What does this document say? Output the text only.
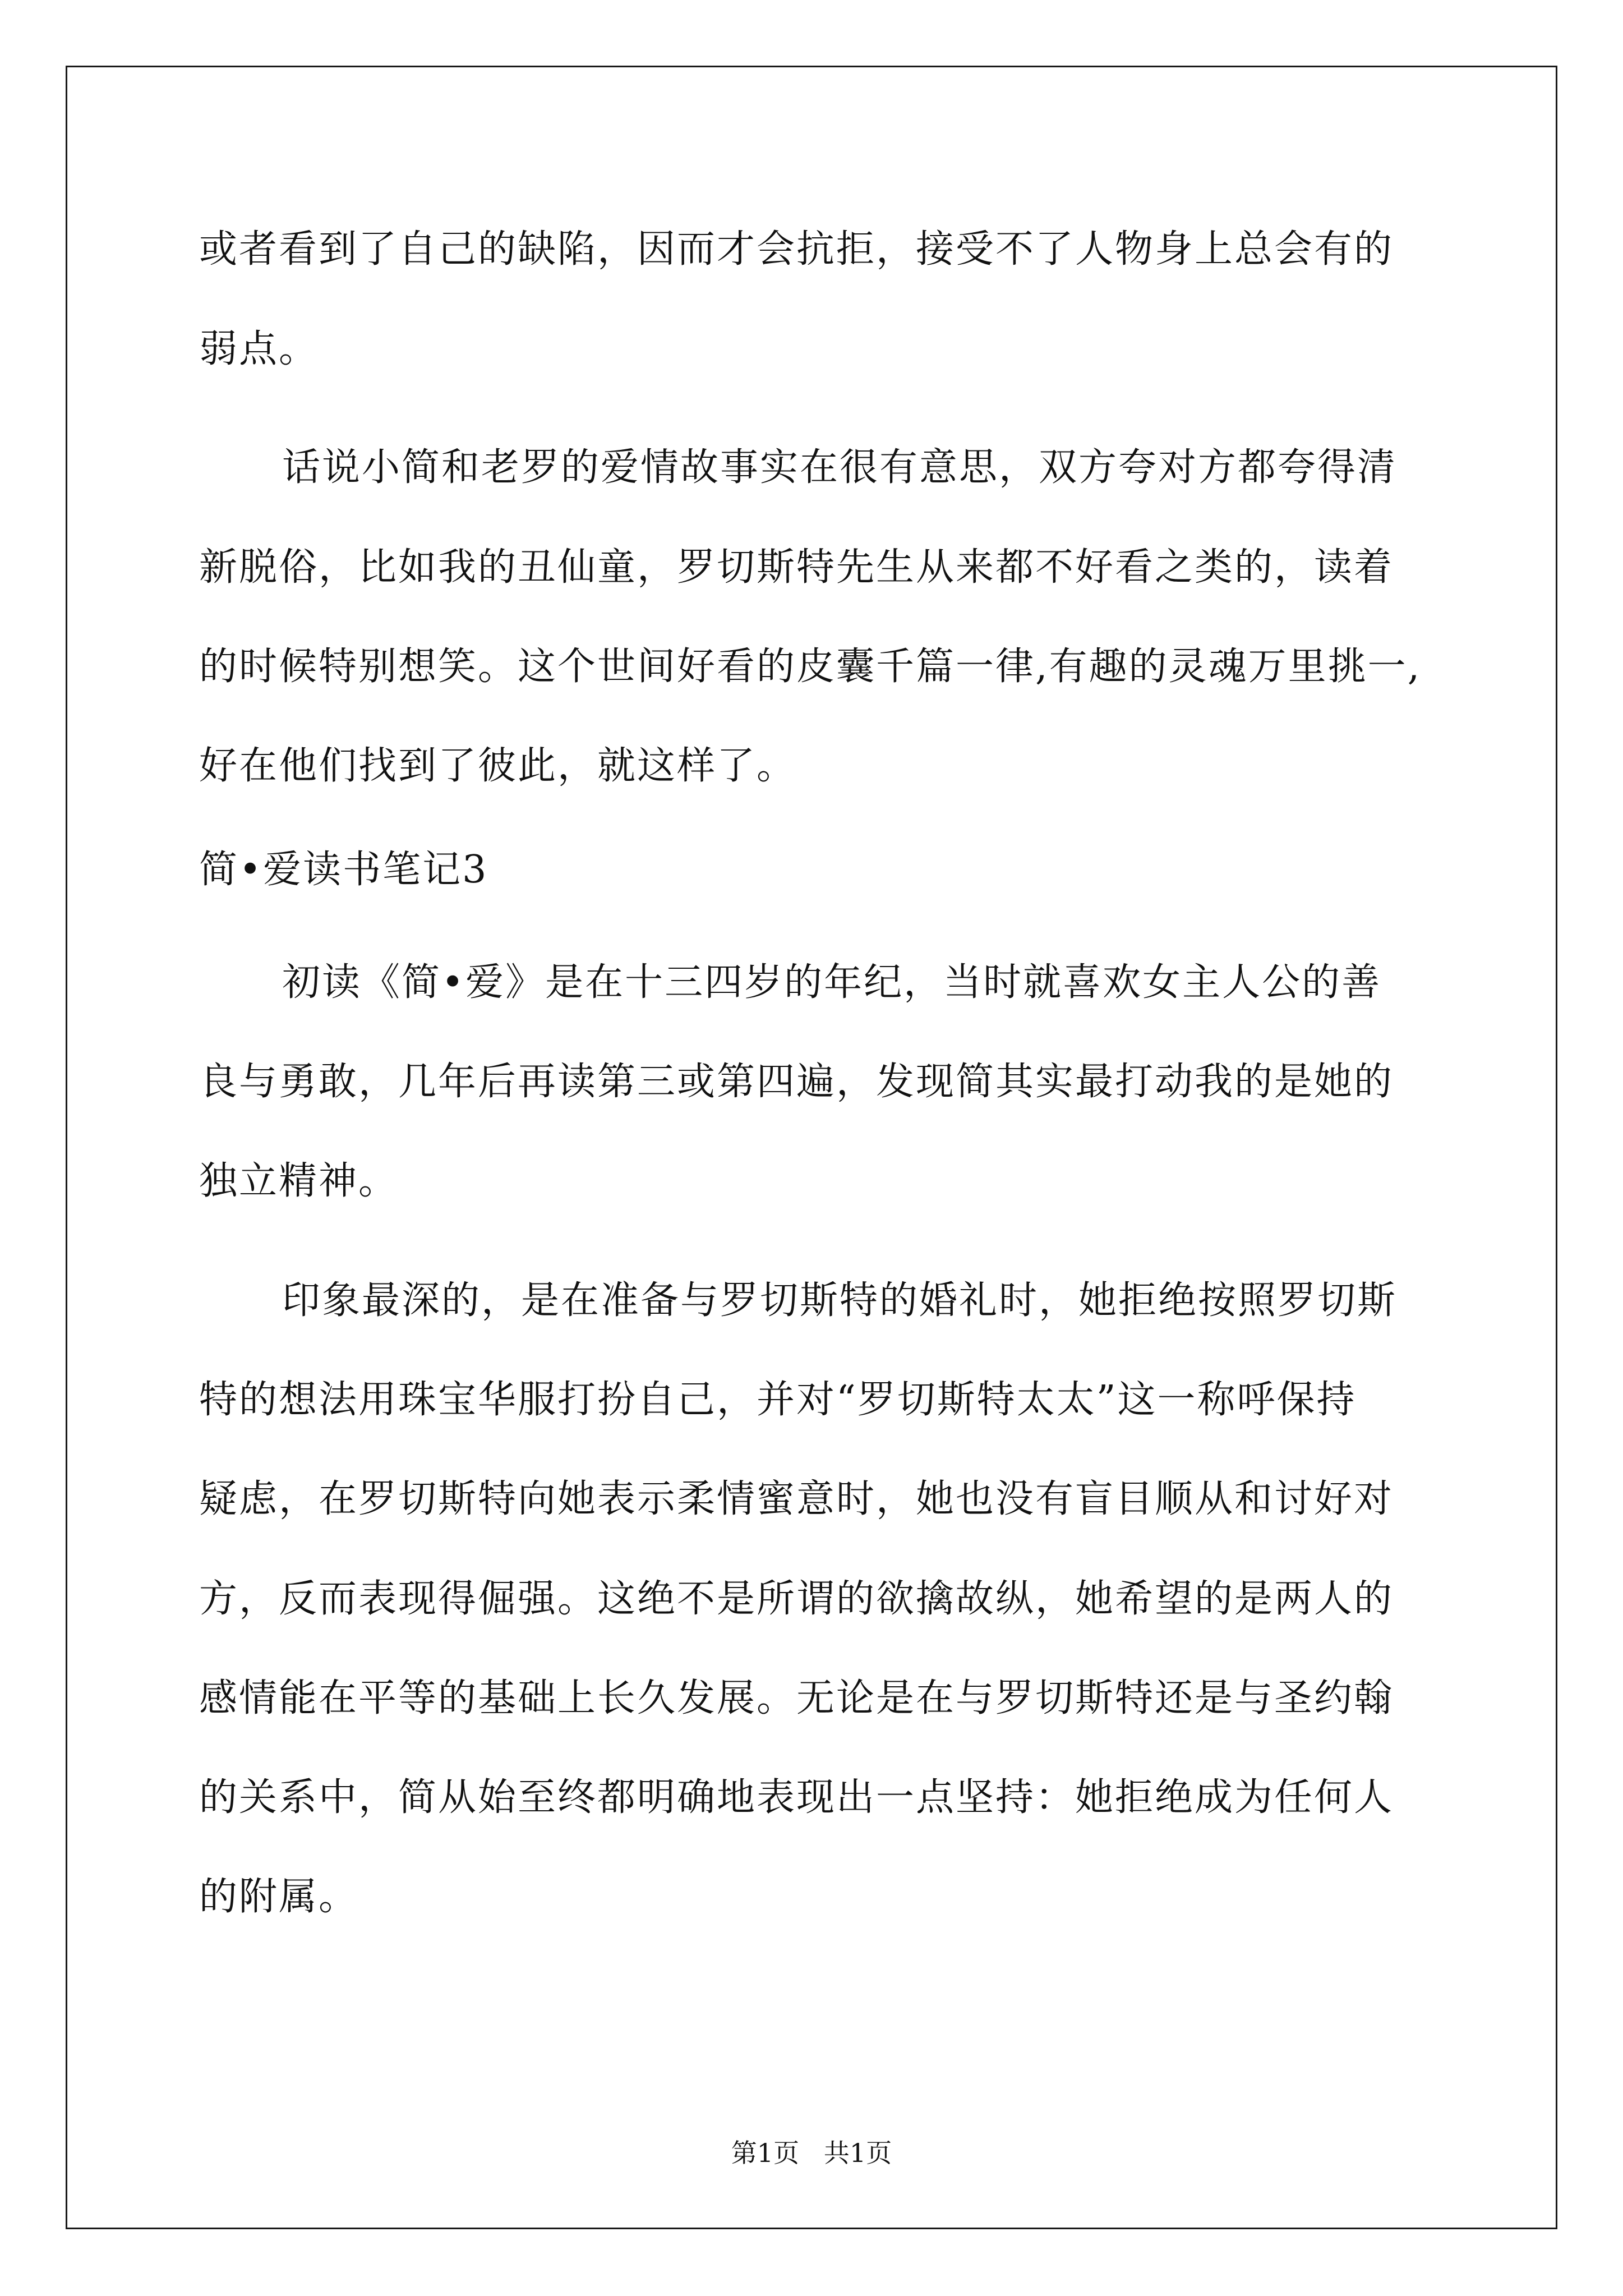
或者看到了自己的缺陷，因而才会抗拒，接受不了人物身上总会有的
弱点。
话说小简和老罗的爱情故事实在很有意思，双方夸对方都夸得清
新脱俗，比如我的丑仙童，罗切斯特先生从来都不好看之类的，读着
的时候特别想笑。这个世间好看的皮囊千篇一律,有趣的灵魂万里挑一,
好在他们找到了彼此，就这样了。
简•爱读书笔记3
初读《简•爱》是在十三四岁的年纪，当时就喜欢女主人公的善
良与勇敢，几年后再读第三或第四遍，发现简其实最打动我的是她的
独立精神。
印象最深的，是在准备与罗切斯特的婚礼时，她拒绝按照罗切斯
特的想法用珠宝华服打扮自己，并对“罗切斯特太太”这一称呼保持
疑虑，在罗切斯特向她表示柔情蜜意时，她也没有盲目顺从和讨好对
方，反而表现得倔强。这绝不是所谓的欲擒故纵，她希望的是两人的
感情能在平等的基础上长久发展。无论是在与罗切斯特还是与圣约翰
的关系中，简从始至终都明确地表现出一点坚持：她拒绝成为任何人
的附属。
第1页   共1页
